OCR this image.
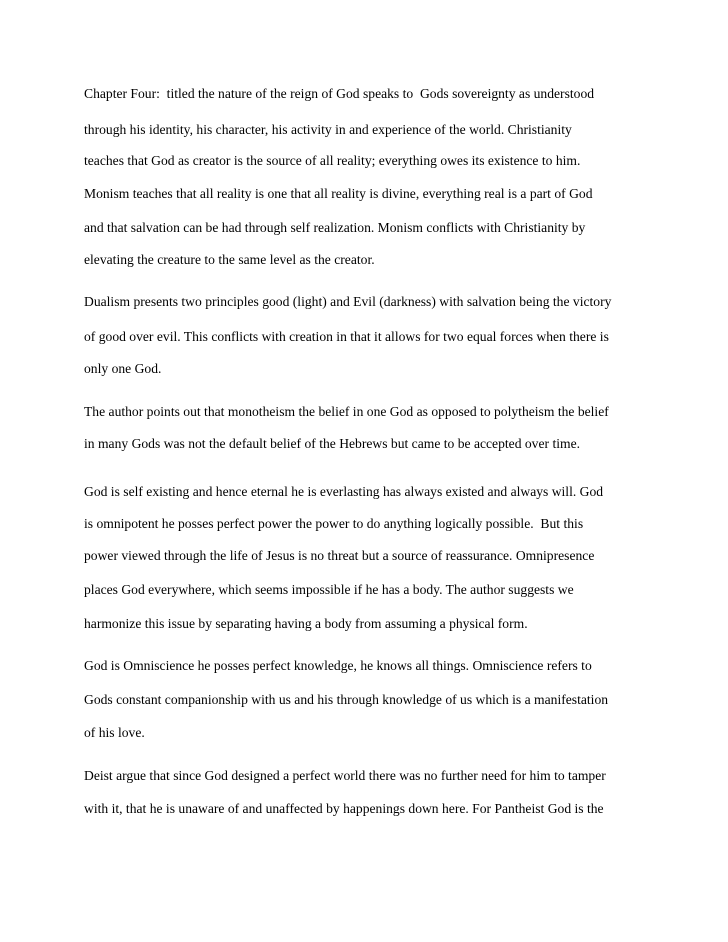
Chapter Four:  titled the nature of the reign of God speaks to  Gods sovereignty as understood
through his identity, his character, his activity in and experience of the world. Christianity
teaches that God as creator is the source of all reality; everything owes its existence to him.
Monism teaches that all reality is one that all reality is divine, everything real is a part of God
and that salvation can be had through self realization. Monism conflicts with Christianity by
elevating the creature to the same level as the creator.
Dualism presents two principles good (light) and Evil (darkness) with salvation being the victory
of good over evil. This conflicts with creation in that it allows for two equal forces when there is
only one God.
The author points out that monotheism the belief in one God as opposed to polytheism the belief
in many Gods was not the default belief of the Hebrews but came to be accepted over time.
God is self existing and hence eternal he is everlasting has always existed and always will. God
is omnipotent he posses perfect power the power to do anything logically possible.  But this
power viewed through the life of Jesus is no threat but a source of reassurance. Omnipresence
places God everywhere, which seems impossible if he has a body. The author suggests we
harmonize this issue by separating having a body from assuming a physical form.
God is Omniscience he posses perfect knowledge, he knows all things. Omniscience refers to
Gods constant companionship with us and his through knowledge of us which is a manifestation
of his love.
Deist argue that since God designed a perfect world there was no further need for him to tamper
with it, that he is unaware of and unaffected by happenings down here. For Pantheist God is the
